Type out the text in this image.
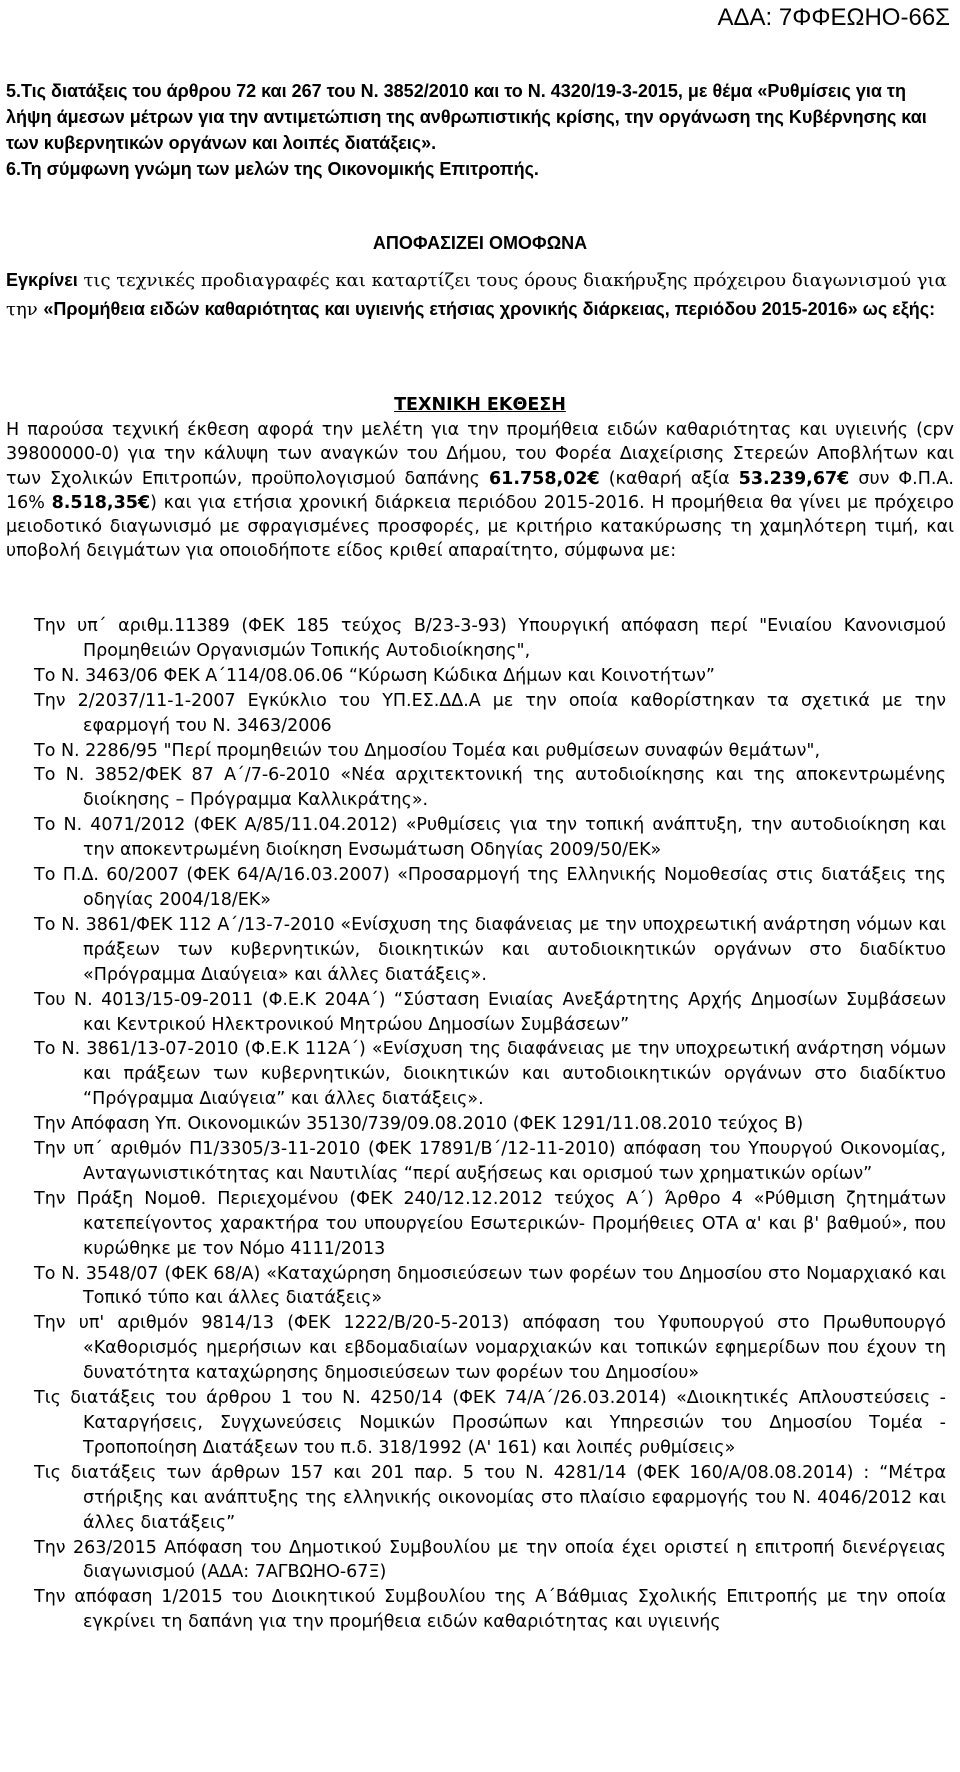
ΑΔΑ: 7ΦΦΕΩΗΟ-66Σ

5.Τις διατάξεις του άρθρου 72 και 267 του Ν. 3852/2010 και το Ν. 4320/19-3-2015, με θέμα «Ρυθμίσεις για τη λήψη άμεσων μέτρων για την αντιμετώπιση της ανθρωπιστικής κρίσης, την οργάνωση της Κυβέρνησης και των κυβερνητικών οργάνων και λοιπές διατάξεις».

6.Τη σύμφωνη γνώμη των μελών της Οικονομικής Επιτροπής.

ΑΠΟΦΑΣΙΖΕΙ ΟΜΟΦΩΝΑ
Εγκρίνει τις τεχνικές προδιαγραφές και καταρτίζει τους όρους διακήρυξης πρόχειρου διαγωνισμού για την «Προμήθεια ειδών καθαριότητας και υγιεινής ετήσιας χρονικής διάρκειας, περιόδου 2015-2016» ως εξής:
ΤΕΧΝΙΚΗ ΕΚΘΕΣΗ
Η παρούσα τεχνική έκθεση αφορά την μελέτη για την προμήθεια ειδών καθαριότητας και υγιεινής (cpv 39800000-0) για την κάλυψη των αναγκών του Δήμου, του Φορέα Διαχείρισης Στερεών Αποβλήτων και των Σχολικών Επιτροπών, προϋπολογισμού δαπάνης 61.758,02€ (καθαρή αξία 53.239,67€ συν Φ.Π.Α. 16% 8.518,35€) και για ετήσια χρονική διάρκεια περιόδου 2015-2016. Η προμήθεια θα γίνει με πρόχειρο μειοδοτικό διαγωνισμό με σφραγισμένες προσφορές, με κριτήριο κατακύρωσης τη χαμηλότερη τιμή, και υποβολή δειγμάτων για οποιοδήποτε είδος κριθεί απαραίτητο, σύμφωνα με:
Την υπ΄ αριθμ.11389 (ΦΕΚ 185 τεύχος Β/23-3-93) Υπουργική απόφαση περί "Ενιαίου Κανονισμού Προμηθειών Οργανισμών Τοπικής Αυτοδιοίκησης",
Το Ν. 3463/06 ΦΕΚ Α΄114/08.06.06 “Κύρωση Κώδικα Δήμων και Κοινοτήτων”
Την 2/2037/11-1-2007 Εγκύκλιο του ΥΠ.ΕΣ.ΔΔ.Α με την οποία καθορίστηκαν τα σχετικά με την εφαρμογή του Ν. 3463/2006
Το Ν. 2286/95 "Περί προμηθειών του Δημοσίου Τομέα και ρυθμίσεων συναφών θεμάτων",
Το Ν. 3852/ΦΕΚ 87 Α΄/7-6-2010 «Νέα αρχιτεκτονική της αυτοδιοίκησης και της αποκεντρωμένης διοίκησης – Πρόγραμμα Καλλικράτης».
Το Ν. 4071/2012 (ΦΕΚ Α/85/11.04.2012) «Ρυθμίσεις για την τοπική ανάπτυξη, την αυτοδιοίκηση και την αποκεντρωμένη διοίκηση Ενσωμάτωση Οδηγίας 2009/50/ΕΚ»
Το Π.Δ. 60/2007 (ΦΕΚ 64/Α/16.03.2007) «Προσαρμογή της Ελληνικής Νομοθεσίας στις διατάξεις της οδηγίας 2004/18/ΕΚ»
Το Ν. 3861/ΦΕΚ 112 Α΄/13-7-2010 «Ενίσχυση της διαφάνειας με την υποχρεωτική ανάρτηση νόμων και πράξεων των κυβερνητικών, διοικητικών και αυτοδιοικητικών οργάνων στο διαδίκτυο «Πρόγραμμα Διαύγεια» και άλλες διατάξεις».
Του Ν. 4013/15-09-2011 (Φ.Ε.Κ 204Α΄) “Σύσταση Ενιαίας Ανεξάρτητης Αρχής Δημοσίων Συμβάσεων και Κεντρικού Ηλεκτρονικού Μητρώου Δημοσίων Συμβάσεων”
Το Ν. 3861/13-07-2010 (Φ.Ε.Κ 112Α΄) «Ενίσχυση της διαφάνειας με την υποχρεωτική ανάρτηση νόμων και πράξεων των κυβερνητικών, διοικητικών και αυτοδιοικητικών οργάνων στο διαδίκτυο “Πρόγραμμα Διαύγεια” και άλλες διατάξεις».
Την Απόφαση Υπ. Οικονομικών 35130/739/09.08.2010 (ΦΕΚ 1291/11.08.2010 τεύχος Β)
Την υπ΄ αριθμόν Π1/3305/3-11-2010 (ΦΕΚ 17891/Β΄/12-11-2010) απόφαση του Υπουργού Οικονομίας, Ανταγωνιστικότητας και Ναυτιλίας “περί αυξήσεως και ορισμού των χρηματικών ορίων”
Την Πράξη Νομοθ. Περιεχομένου (ΦΕΚ 240/12.12.2012 τεύχος Α΄) Άρθρο 4 «Ρύθμιση ζητημάτων κατεπείγοντος χαρακτήρα του υπουργείου Εσωτερικών- Προμήθειες ΟΤΑ α' και β' βαθμού», που κυρώθηκε με τον Νόμο 4111/2013
Το Ν. 3548/07 (ΦΕΚ 68/Α) «Καταχώρηση δημοσιεύσεων των φορέων του Δημοσίου στο Νομαρχιακό και Τοπικό τύπο και άλλες διατάξεις»
Την υπ' αριθμόν 9814/13 (ΦΕΚ 1222/Β/20-5-2013) απόφαση του Υφυπουργού στο Πρωθυπουργό «Καθορισμός ημερήσιων και εβδομαδιαίων νομαρχιακών και τοπικών εφημερίδων που έχουν τη δυνατότητα καταχώρησης δημοσιεύσεων των φορέων του Δημοσίου»
Τις διατάξεις του άρθρου 1 του Ν. 4250/14 (ΦΕΚ 74/Α΄/26.03.2014) «Διοικητικές Απλουστεύσεις - Καταργήσεις, Συγχωνεύσεις Νομικών Προσώπων και Υπηρεσιών του Δημοσίου Τομέα - Τροποποίηση Διατάξεων του π.δ. 318/1992 (Α' 161) και λοιπές ρυθμίσεις»
Τις διατάξεις των άρθρων 157 και 201 παρ. 5 του Ν. 4281/14 (ΦΕΚ 160/Α/08.08.2014) : “Μέτρα στήριξης και ανάπτυξης της ελληνικής οικονομίας στο πλαίσιο εφαρμογής του Ν. 4046/2012 και άλλες διατάξεις”
Την 263/2015 Απόφαση του Δημοτικού Συμβουλίου με την οποία έχει οριστεί η επιτροπή διενέργειας διαγωνισμού (ΑΔΑ: 7ΑΓΒΩΗΟ-67Ξ)
Την απόφαση 1/2015 του Διοικητικού Συμβουλίου της Α΄Βάθμιας Σχολικής Επιτροπής με την οποία εγκρίνει τη δαπάνη για την προμήθεια ειδών καθαριότητας και υγιεινής
